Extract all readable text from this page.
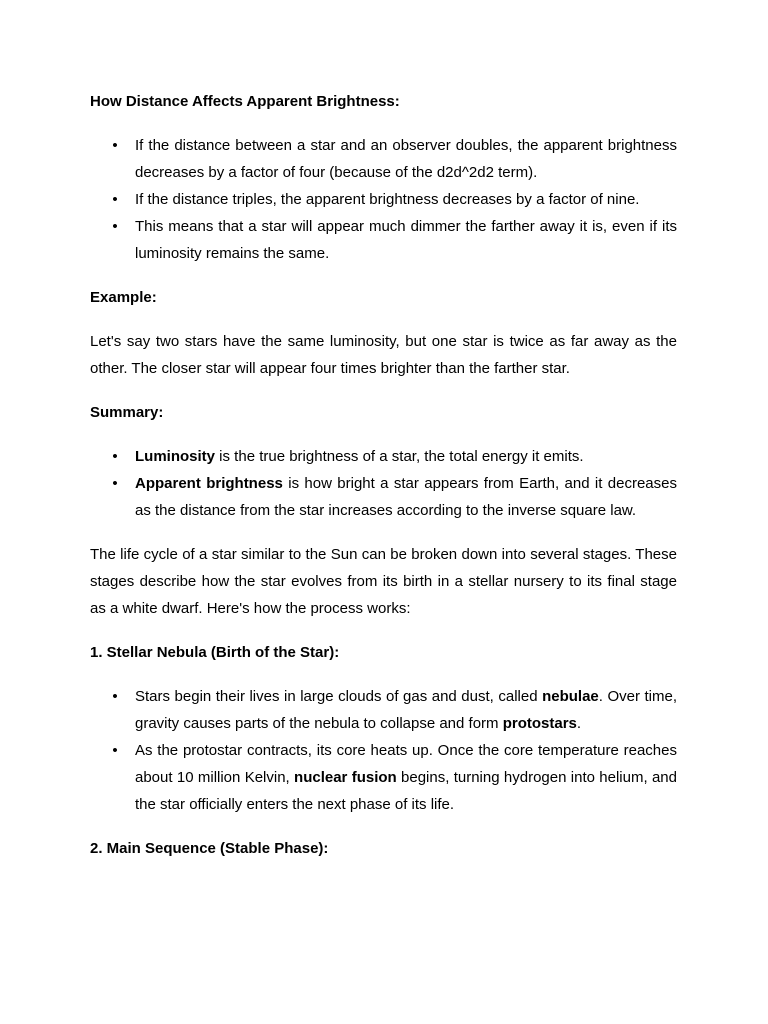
How Distance Affects Apparent Brightness:
• If the distance between a star and an observer doubles, the apparent brightness decreases by a factor of four (because of the d2d^2d2 term).
• If the distance triples, the apparent brightness decreases by a factor of nine.
• This means that a star will appear much dimmer the farther away it is, even if its luminosity remains the same.
Example:

Let's say two stars have the same luminosity, but one star is twice as far away as the other. The closer star will appear four times brighter than the farther star.

Summary:
• Luminosity is the true brightness of a star, the total energy it emits.
• Apparent brightness is how bright a star appears from Earth, and it decreases as the distance from the star increases according to the inverse square law.

The life cycle of a star similar to the Sun can be broken down into several stages. These stages describe how the star evolves from its birth in a stellar nursery to its final stage as a white dwarf. Here's how the process works:

1. Stellar Nebula (Birth of the Star):
• Stars begin their lives in large clouds of gas and dust, called nebulae. Over time, gravity causes parts of the nebula to collapse and form protostars.
• As the protostar contracts, its core heats up. Once the core temperature reaches about 10 million Kelvin, nuclear fusion begins, turning hydrogen into helium, and the star officially enters the next phase of its life.
2. Main Sequence (Stable Phase):
